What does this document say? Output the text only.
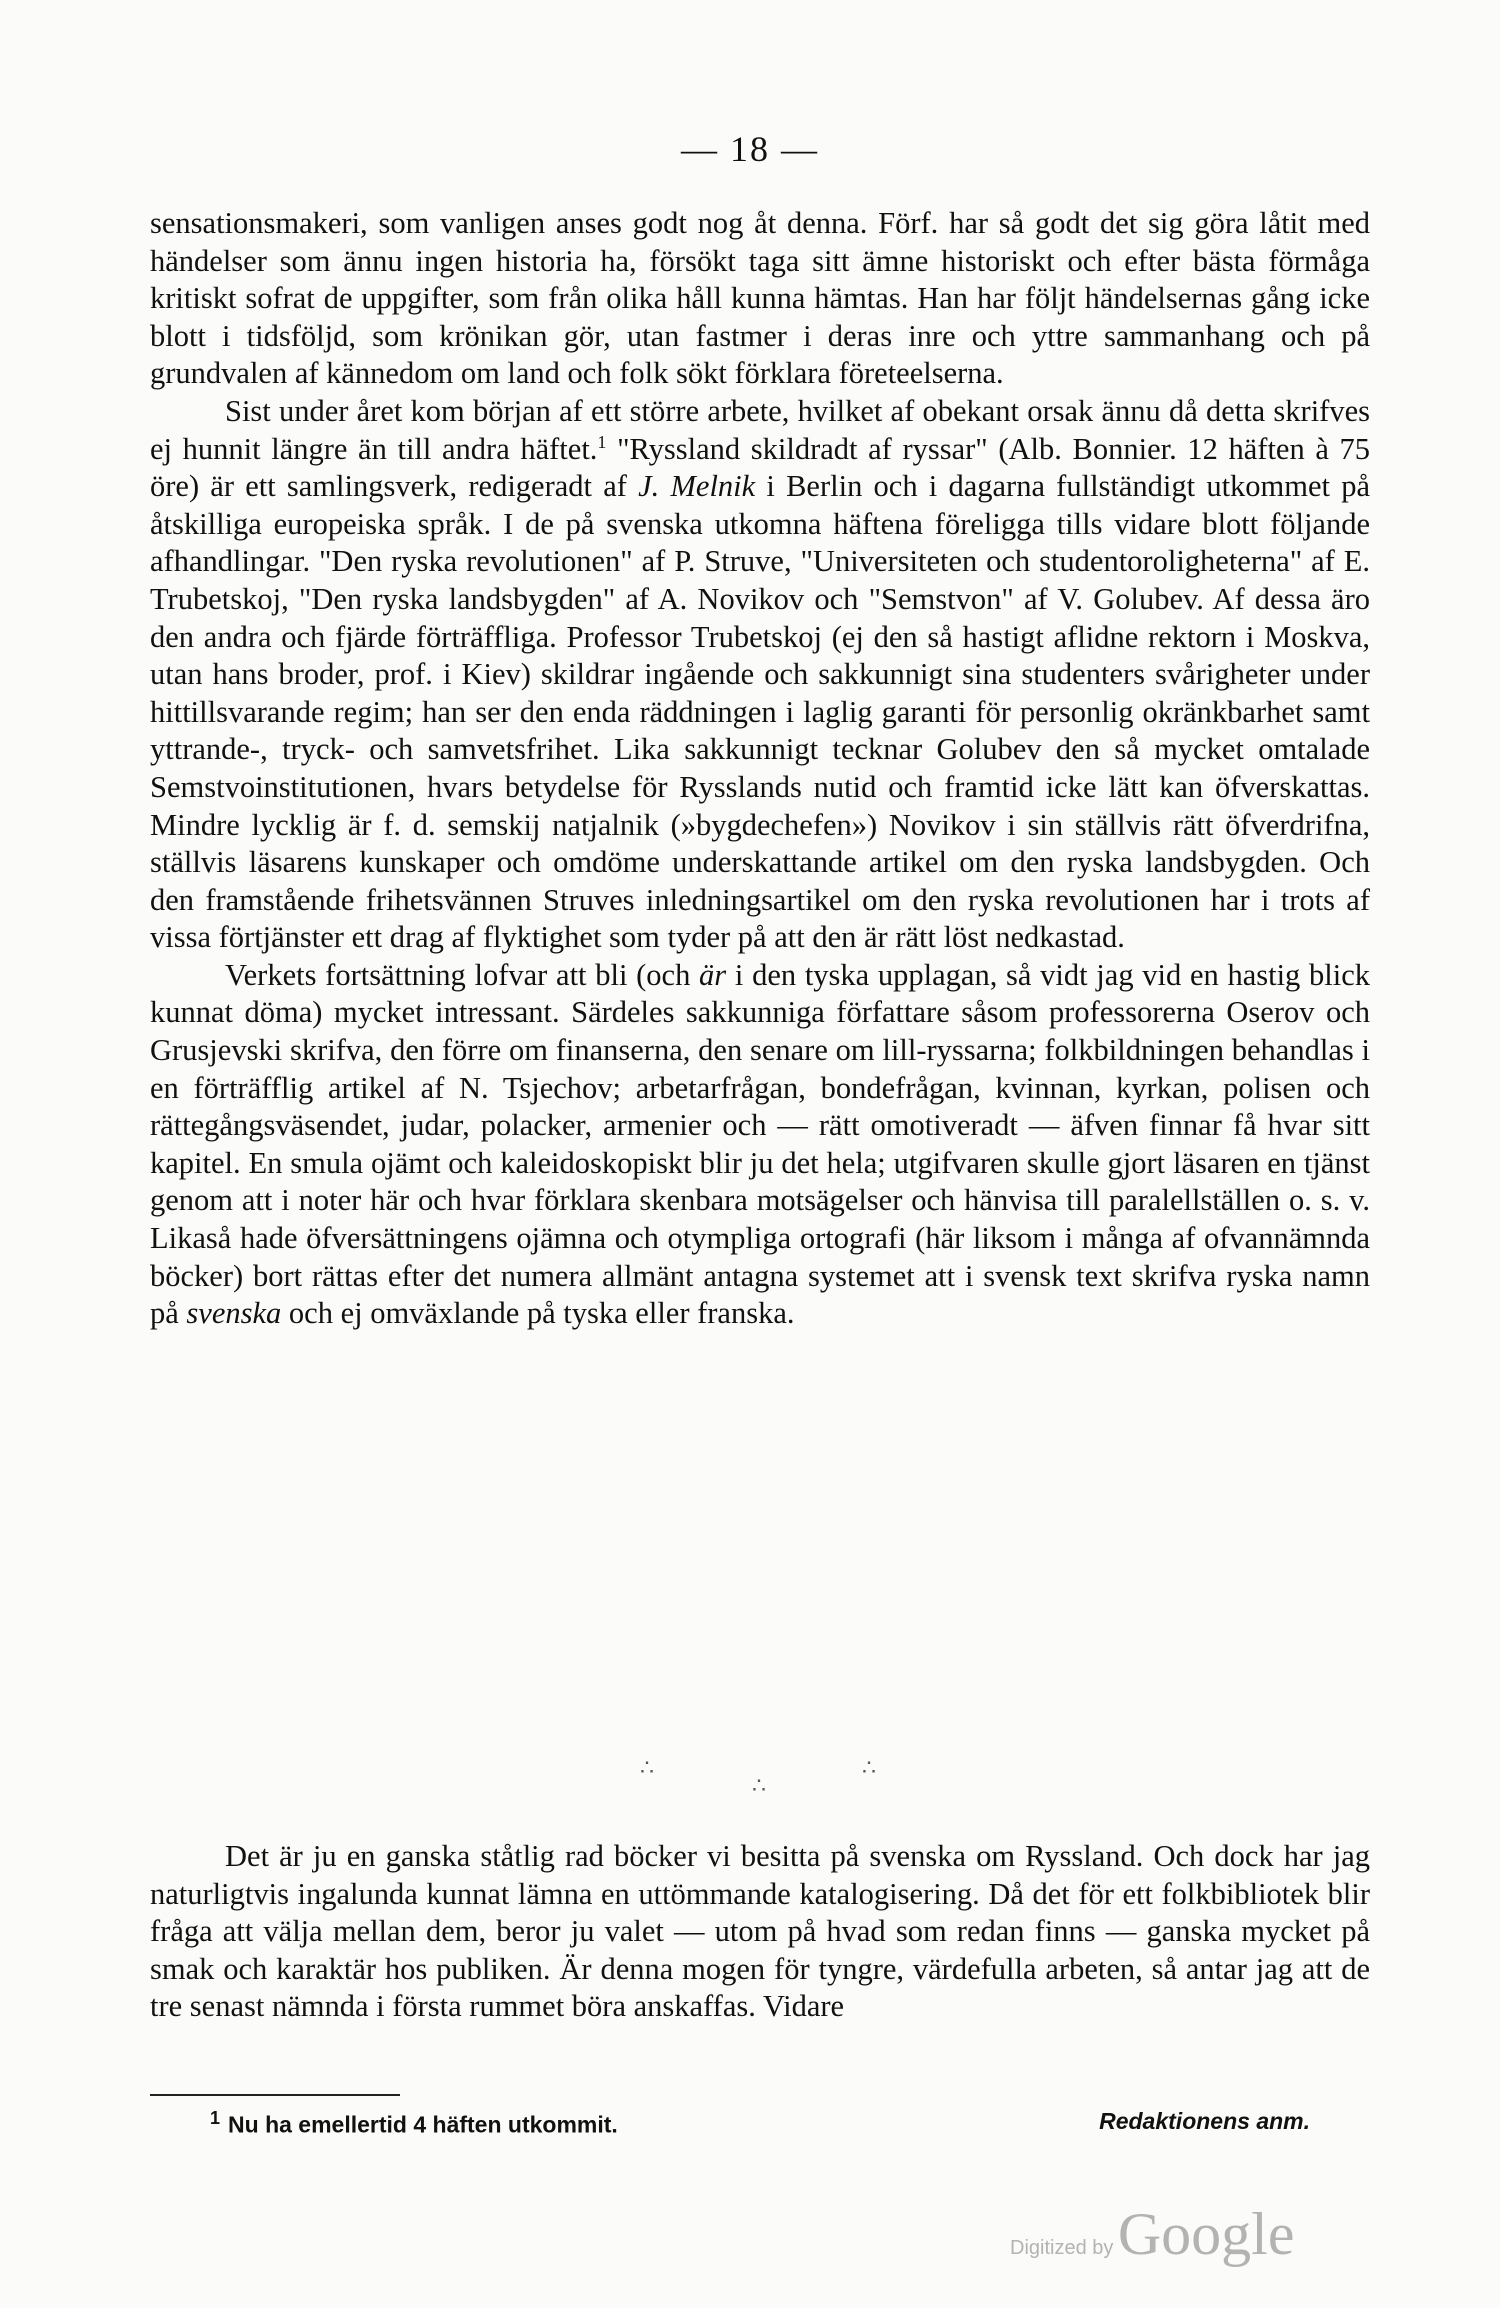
— 18 —

sensationsmakeri, som vanligen anses godt nog åt denna. Förf. har så godt det sig göra låtit med händelser som ännu ingen historia ha, försökt taga sitt ämne historiskt och efter bästa förmåga kritiskt sofrat de uppgifter, som från olika håll kunna hämtas. Han har följt händelsernas gång icke blott i tidsföljd, som krönikan gör, utan fastmer i deras inre och yttre sammanhang och på grundvalen af kännedom om land och folk sökt förklara företeelserna.

Sist under året kom början af ett större arbete, hvilket af obekant orsak ännu då detta skrifves ej hunnit längre än till andra häftet.$^1$ "Ryssland skildradt af ryssar" (Alb. Bonnier. 12 häften à 75 öre) är ett samlingsverk, redigeradt af J. Melnik i Berlin och i dagarna fullständigt utkommet på åtskilliga europeiska språk. I de på svenska utkomna häftena föreligga tills vidare blott följande afhandlingar. "Den ryska revolutionen" af P. Struve, "Universiteten och studentoroligheterna" af E. Trubetskoj, "Den ryska landsbygden" af A. Novikov och "Semstvon" af V. Golubev. Af dessa äro den andra och fjärde förträffliga. Professor Trubetskoj (ej den så hastigt aflidne rektorn i Moskva, utan hans broder, prof. i Kiev) skildrar ingående och sakkunnigt sina studenters svårigheter under hittillsvarande regim; han ser den enda räddningen i laglig garanti för personlig okränkbarhet samt yttrande-, tryck- och samvetsfrihet. Lika sakkunnigt tecknar Golubev den så mycket omtalade Semstvoinstitutionen, hvars betydelse för Rysslands nutid och framtid icke lätt kan öfverskattas. Mindre lycklig är f. d. semskij natjalnik (»bygdechefen») Novikov i sin ställvis rätt öfverdrifna, ställvis läsarens kunskaper och omdöme underskattande artikel om den ryska landsbygden. Och den framstående frihetsvännen Struves inledningsartikel om den ryska revolutionen har i trots af vissa förtjänster ett drag af flyktighet som tyder på att den är rätt löst nedkastad.

Verkets fortsättning lofvar att bli (och är i den tyska upplagan, så vidt jag vid en hastig blick kunnat döma) mycket intressant. Särdeles sakkunniga författare såsom professorerna Oserov och Grusjevski skrifva, den förre om finanserna, den senare om lill-ryssarna; folkbildningen behandlas i en förträfflig artikel af N. Tsjechov; arbetarfrågan, bondefrågan, kvinnan, kyrkan, polisen och rättegångsväsendet, judar, polacker, armenier och — rätt omotiveradt — äfven finnar få hvar sitt kapitel. En smula ojämt och kaleidoskopiskt blir ju det hela; utgifvaren skulle gjort läsaren en tjänst genom att i noter här och hvar förklara skenbara motsägelser och hänvisa till paralellställen o. s. v. Likaså hade öfversättningens ojämna och otympliga ortografi (här liksom i många af ofvannämnda böcker) bort rättas efter det numera allmänt antagna systemet att i svensk text skrifva ryska namn på svenska och ej omväxlande på tyska eller franska.

∴
∴
∴

Det är ju en ganska ståtlig rad böcker vi besitta på svenska om Ryssland. Och dock har jag naturligtvis ingalunda kunnat lämna en uttömmande katalogisering. Då det för ett folkbibliotek blir fråga att välja mellan dem, beror ju valet — utom på hvad som redan finns — ganska mycket på smak och karaktär hos publiken. Är denna mogen för tyngre, värdefulla arbeten, så antar jag att de tre senast nämnda i första rummet böra anskaffas. Vidare

$^1$ Nu ha emellertid 4 häften utkommit.	Redaktionens anm.
Digitized by Google
